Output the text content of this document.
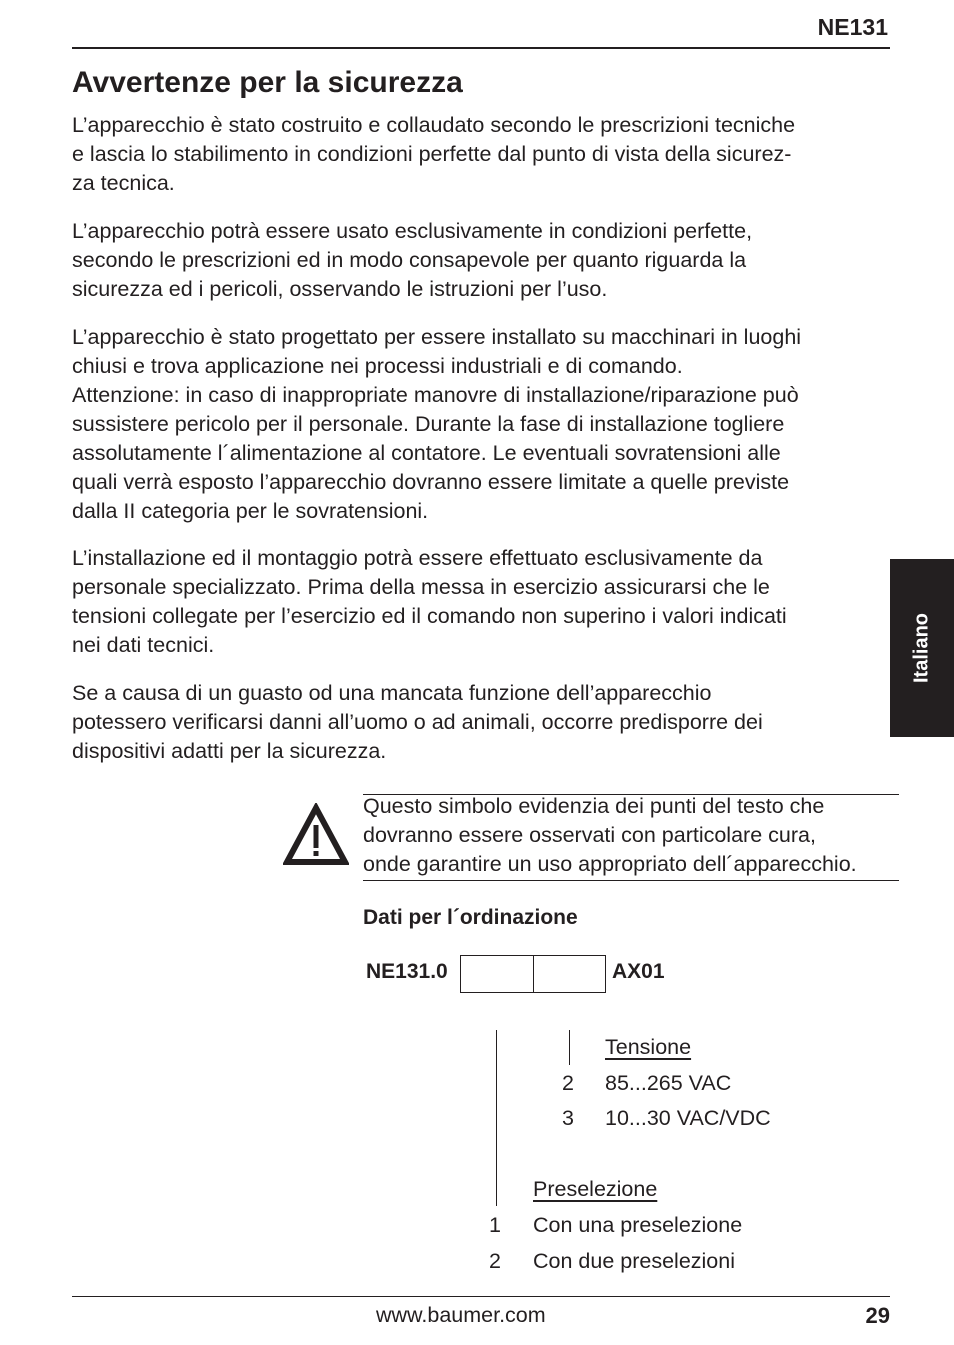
NE131
Avvertenze per la sicurezza
L’apparecchio è stato costruito e collaudato secondo le prescrizioni tecniche
e lascia lo stabilimento in condizioni perfette dal punto di vista della sicurez-
za tecnica.
L’apparecchio potrà essere usato esclusivamente in condizioni perfette,
secondo le prescrizioni ed in modo consapevole per quanto riguarda la
sicurezza ed i pericoli, osservando le istruzioni per l’uso.
L’apparecchio è stato progettato per essere installato su macchinari in luoghi
chiusi e trova applicazione nei processi industriali e di comando.
Attenzione: in caso di inappropriate manovre di installazione/riparazione può
sussistere pericolo per il personale. Durante la fase di installazione togliere
assolutamente l´alimentazione al contatore. Le eventuali sovratensioni alle
quali verrà esposto l’apparecchio dovranno essere limitate a quelle previste
dalla II categoria per le sovratensioni.
L’installazione ed il montaggio potrà essere effettuato esclusivamente da
personale specializzato. Prima della messa in esercizio assicurarsi che le
tensioni collegate per l’esercizio ed il comando non superino i valori indicati
nei dati tecnici.
Se a causa di un guasto od una mancata funzione dell’apparecchio
potessero verificarsi danni all’uomo o ad animali, occorre predisporre dei
dispositivi adatti per la sicurezza.
Italiano
Questo simbolo evidenzia dei punti del testo che
dovranno essere osservati con particolare cura,
onde garantire un uso appropriato dell´apparecchio.
Dati per l´ordinazione
NE131.0	AX01
Tensione
2 85...265 VAC
3 10...30 VAC/VDC
Preselezione
1 Con una preselezione
2 Con due preselezioni
www.baumer.com	29
